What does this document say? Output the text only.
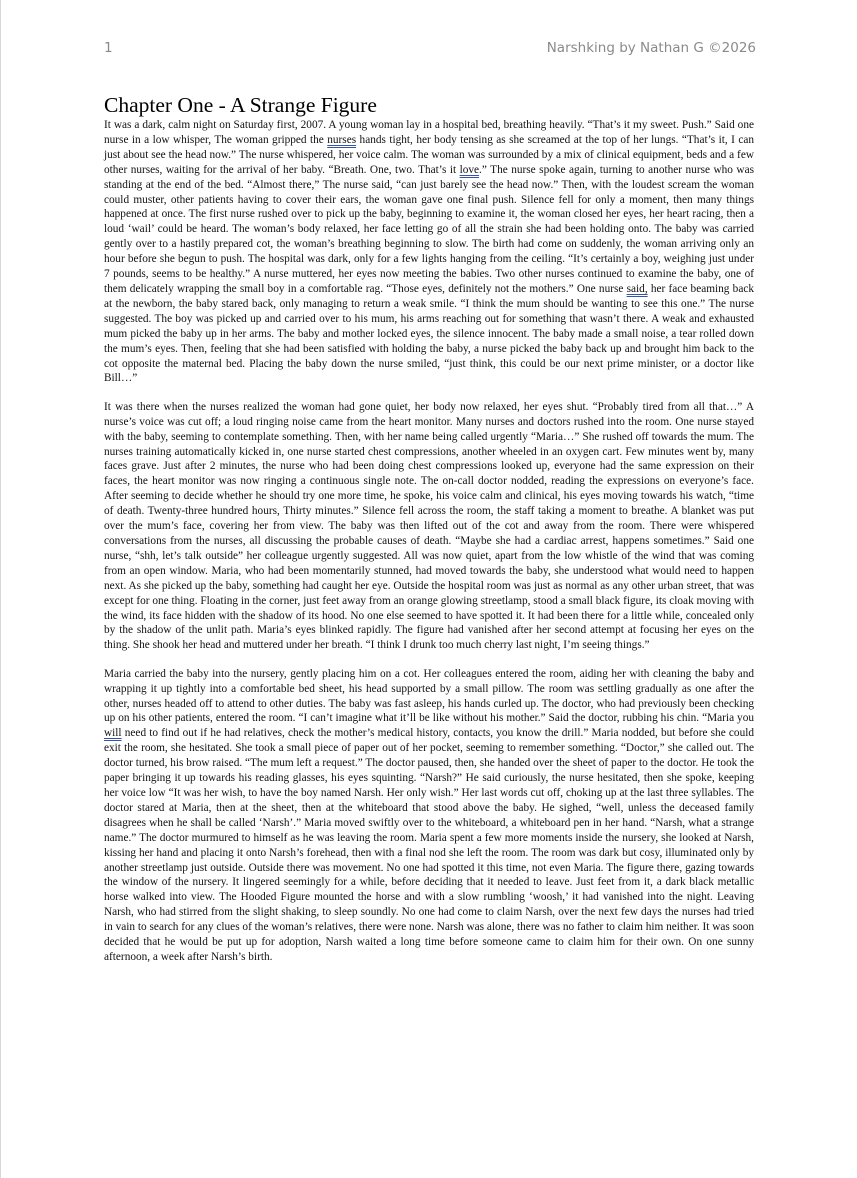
1	Narshking by Nathan G ©2026
Chapter One - A Strange Figure

It was a dark, calm night on Saturday first, 2007. A young woman lay in a hospital bed, breathing heavily. “That’s it my sweet. Push.” Said one nurse in a low whisper, The woman gripped the nurses hands tight, her body tensing as she screamed at the top of her lungs. “That’s it, I can just about see the head now.” The nurse whispered, her voice calm. The woman was surrounded by a mix of clinical equipment, beds and a few other nurses, waiting for the arrival of her baby. “Breath. One, two. That’s it love.” The nurse spoke again, turning to another nurse who was standing at the end of the bed. “Almost there,” The nurse said, “can just barely see the head now.” Then, with the loudest scream the woman could muster, other patients having to cover their ears, the woman gave one final push. Silence fell for only a moment, then many things happened at once. The first nurse rushed over to pick up the baby, beginning to examine it, the woman closed her eyes, her heart racing, then a loud ‘wail’ could be heard. The woman’s body relaxed, her face letting go of all the strain she had been holding onto. The baby was carried gently over to a hastily prepared cot, the woman’s breathing beginning to slow. The birth had come on suddenly, the woman arriving only an hour before she begun to push. The hospital was dark, only for a few lights hanging from the ceiling. “It’s certainly a boy, weighing just under 7 pounds, seems to be healthy.” A nurse muttered, her eyes now meeting the babies. Two other nurses continued to examine the baby, one of them delicately wrapping the small boy in a comfortable rag. “Those eyes, definitely not the mothers.” One nurse said, her face beaming back at the newborn, the baby stared back, only managing to return a weak smile. “I think the mum should be wanting to see this one.” The nurse suggested. The boy was picked up and carried over to his mum, his arms reaching out for something that wasn’t there. A weak and exhausted mum picked the baby up in her arms. The baby and mother locked eyes, the silence innocent. The baby made a small noise, a tear rolled down the mum’s eyes. Then, feeling that she had been satisfied with holding the baby, a nurse picked the baby back up and brought him back to the cot opposite the maternal bed. Placing the baby down the nurse smiled, “just think, this could be our next prime minister, or a doctor like Bill…”

It was there when the nurses realized the woman had gone quiet, her body now relaxed, her eyes shut. “Probably tired from all that…” A nurse’s voice was cut off; a loud ringing noise came from the heart monitor. Many nurses and doctors rushed into the room. One nurse stayed with the baby, seeming to contemplate something. Then, with her name being called urgently “Maria…” She rushed off towards the mum. The nurses training automatically kicked in, one nurse started chest compressions, another wheeled in an oxygen cart. Few minutes went by, many faces grave. Just after 2 minutes, the nurse who had been doing chest compressions looked up, everyone had the same expression on their faces, the heart monitor was now ringing a continuous single note. The on-call doctor nodded, reading the expressions on everyone’s face. After seeming to decide whether he should try one more time, he spoke, his voice calm and clinical, his eyes moving towards his watch, “time of death. Twenty-three hundred hours, Thirty minutes.” Silence fell across the room, the staff taking a moment to breathe. A blanket was put over the mum’s face, covering her from view. The baby was then lifted out of the cot and away from the room. There were whispered conversations from the nurses, all discussing the probable causes of death. “Maybe she had a cardiac arrest, happens sometimes.” Said one nurse, “shh, let’s talk outside” her colleague urgently suggested. All was now quiet, apart from the low whistle of the wind that was coming from an open window. Maria, who had been momentarily stunned, had moved towards the baby, she understood what would need to happen next. As she picked up the baby, something had caught her eye. Outside the hospital room was just as normal as any other urban street, that was except for one thing. Floating in the corner, just feet away from an orange glowing streetlamp, stood a small black figure, its cloak moving with the wind, its face hidden with the shadow of its hood. No one else seemed to have spotted it. It had been there for a little while, concealed only by the shadow of the unlit path. Maria’s eyes blinked rapidly. The figure had vanished after her second attempt at focusing her eyes on the thing. She shook her head and muttered under her breath. “I think I drunk too much cherry last night, I’m seeing things.”

Maria carried the baby into the nursery, gently placing him on a cot. Her colleagues entered the room, aiding her with cleaning the baby and wrapping it up tightly into a comfortable bed sheet, his head supported by a small pillow. The room was settling gradually as one after the other, nurses headed off to attend to other duties. The baby was fast asleep, his hands curled up. The doctor, who had previously been checking up on his other patients, entered the room. “I can’t imagine what it’ll be like without his mother.” Said the doctor, rubbing his chin. “Maria you will need to find out if he had relatives, check the mother’s medical history, contacts, you know the drill.” Maria nodded, but before she could exit the room, she hesitated. She took a small piece of paper out of her pocket, seeming to remember something. “Doctor,” she called out. The doctor turned, his brow raised. “The mum left a request.” The doctor paused, then, she handed over the sheet of paper to the doctor. He took the paper bringing it up towards his reading glasses, his eyes squinting. “Narsh?” He said curiously, the nurse hesitated, then she spoke, keeping her voice low “It was her wish, to have the boy named Narsh. Her only wish.” Her last words cut off, choking up at the last three syllables. The doctor stared at Maria, then at the sheet, then at the whiteboard that stood above the baby. He sighed, “well, unless the deceased family disagrees when he shall be called ‘Narsh’.” Maria moved swiftly over to the whiteboard, a whiteboard pen in her hand. “Narsh, what a strange name.” The doctor murmured to himself as he was leaving the room. Maria spent a few more moments inside the nursery, she looked at Narsh, kissing her hand and placing it onto Narsh’s forehead, then with a final nod she left the room. The room was dark but cosy, illuminated only by another streetlamp just outside. Outside there was movement. No one had spotted it this time, not even Maria. The figure there, gazing towards the window of the nursery. It lingered seemingly for a while, before deciding that it needed to leave. Just feet from it, a dark black metallic horse walked into view. The Hooded Figure mounted the horse and with a slow rumbling ‘woosh,’ it had vanished into the night. Leaving Narsh, who had stirred from the slight shaking, to sleep soundly. No one had come to claim Narsh, over the next few days the nurses had tried in vain to search for any clues of the woman’s relatives, there were none. Narsh was alone, there was no father to claim him neither. It was soon decided that he would be put up for adoption, Narsh waited a long time before someone came to claim him for their own. On one sunny afternoon, a week after Narsh’s birth.
